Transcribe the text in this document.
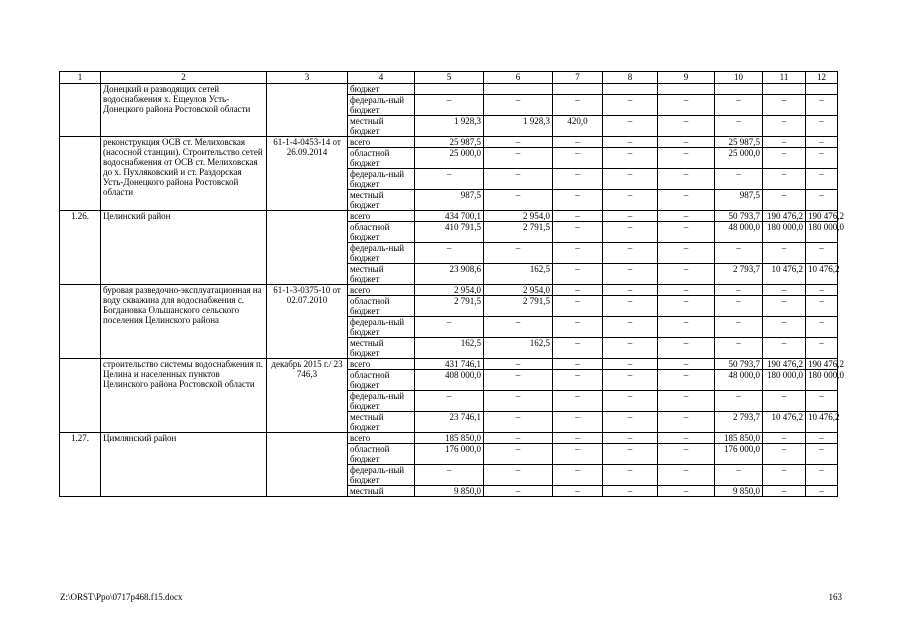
1	2	3	4	5	6	7	8	9	10	11	12
	Донецкий и разводящих сетей водоснабжения х. Ещеулов Усть-Донецкого района Ростовской области		бюджет								
			федераль-ный бюджет	–	–	–	–	–	–	–	–
			местный бюджет	1 928,3	1 928,3	420,0	–	–	–	–	–
	реконструкция ОСВ ст. Мелиховская (насосной станции). Строительство сетей водоснабжения от ОСВ ст. Мелиховская до х. Пухляковский и ст. Раздорская Усть-Донецкого района Ростовской области	61-1-4-0453-14 от 26.09.2014	всего	25 987,5	–	–	–	–	25 987,5	–	–
			областной бюджет	25 000,0	–	–	–	–	25 000,0	–	–
			федераль-ный бюджет	–	–	–	–	–	–	–	–
			местный бюджет	987,5	–	–	–	–	987,5	–	–
1.26.	Целинский район		всего	434 700,1	2 954,0	–	–	–	50 793,7	190 476,2	190 476,2
			областной бюджет	410 791,5	2 791,5	–	–	–	48 000,0	180 000,0	180 000,0
			федераль-ный бюджет	–	–	–	–	–	–	–	–
			местный бюджет	23 908,6	162,5	–	–	–	2 793,7	10 476,2	10 476,2
	буровая разведочно-эксплуатационная на воду скважина для водоснабжения с. Богдановка Ольшанского сельского поселения Целинского района	61-1-3-0375-10 от 02.07.2010	всего	2 954,0	2 954,0	–	–	–	–	–	–
			областной бюджет	2 791,5	2 791,5	–	–	–	–	–	–
			федераль-ный бюджет	–	–	–	–	–	–	–	–
			местный бюджет	162,5	162,5	–	–	–	–	–	–
	строительство системы водоснабжения п. Целина и населенных пунктов Целинского района Ростовской области	декабрь 2015 г./ 23 746,3	всего	431 746,1	–	–	–	–	50 793,7	190 476,2	190 476,2
			областной бюджет	408 000,0	–	–	–	–	48 000,0	180 000,0	180 000,0
			федераль-ный бюджет	–	–	–	–	–	–	–	–
			местный бюджет	23 746,1	–	–	–	–	2 793,7	10 476,2	10 476,2
1.27.	Цимлянский район		всего	185 850,0	–	–	–	–	185 850,0	–	–
			областной бюджет	176 000,0	–	–	–	–	176 000,0	–	–
			федераль-ный бюджет	–	–	–	–	–	–	–	–
			местный	9 850,0	–	–	–	–	9 850,0	–	–
Z:\ORST\Ppo\0717p468.f15.docx	163
